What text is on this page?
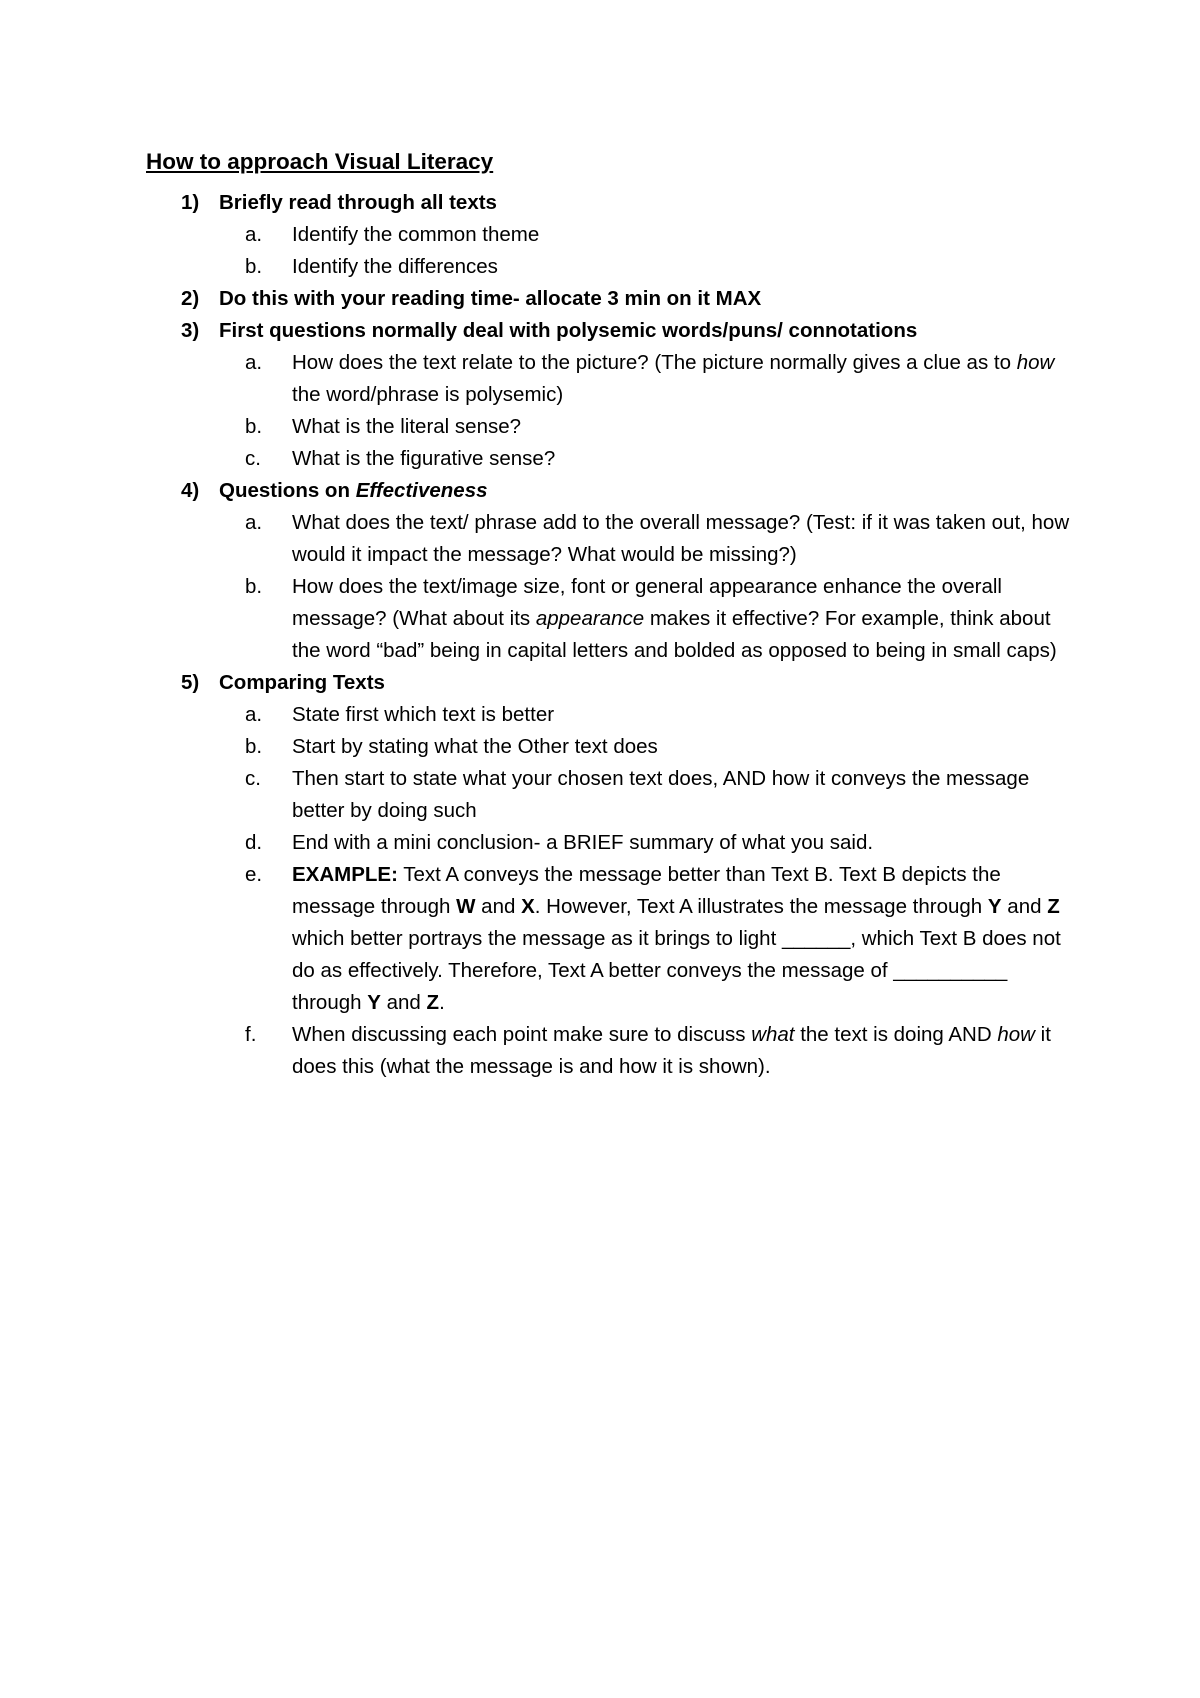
How to approach Visual Literacy
1) Briefly read through all texts
a. Identify the common theme
b. Identify the differences
2) Do this with your reading time- allocate 3 min on it MAX
3) First questions normally deal with polysemic words/puns/ connotations
a. How does the text relate to the picture? (The picture normally gives a clue as to how the word/phrase is polysemic)
b. What is the literal sense?
c. What is the figurative sense?
4) Questions on Effectiveness
a. What does the text/ phrase add to the overall message? (Test: if it was taken out, how would it impact the message? What would be missing?)
b. How does the text/image size, font or general appearance enhance the overall message? (What about its appearance makes it effective? For example, think about the word “bad” being in capital letters and bolded as opposed to being in small caps)
5) Comparing Texts
a. State first which text is better
b. Start by stating what the Other text does
c. Then start to state what your chosen text does, AND how it conveys the message better by doing such
d. End with a mini conclusion- a BRIEF summary of what you said.
e. EXAMPLE: Text A conveys the message better than Text B. Text B depicts the message through W and X. However, Text A illustrates the message through Y and Z which better portrays the message as it brings to light ______, which Text B does not do as effectively. Therefore, Text A better conveys the message of __________ through Y and Z.
f. When discussing each point make sure to discuss what the text is doing AND how it does this (what the message is and how it is shown).
